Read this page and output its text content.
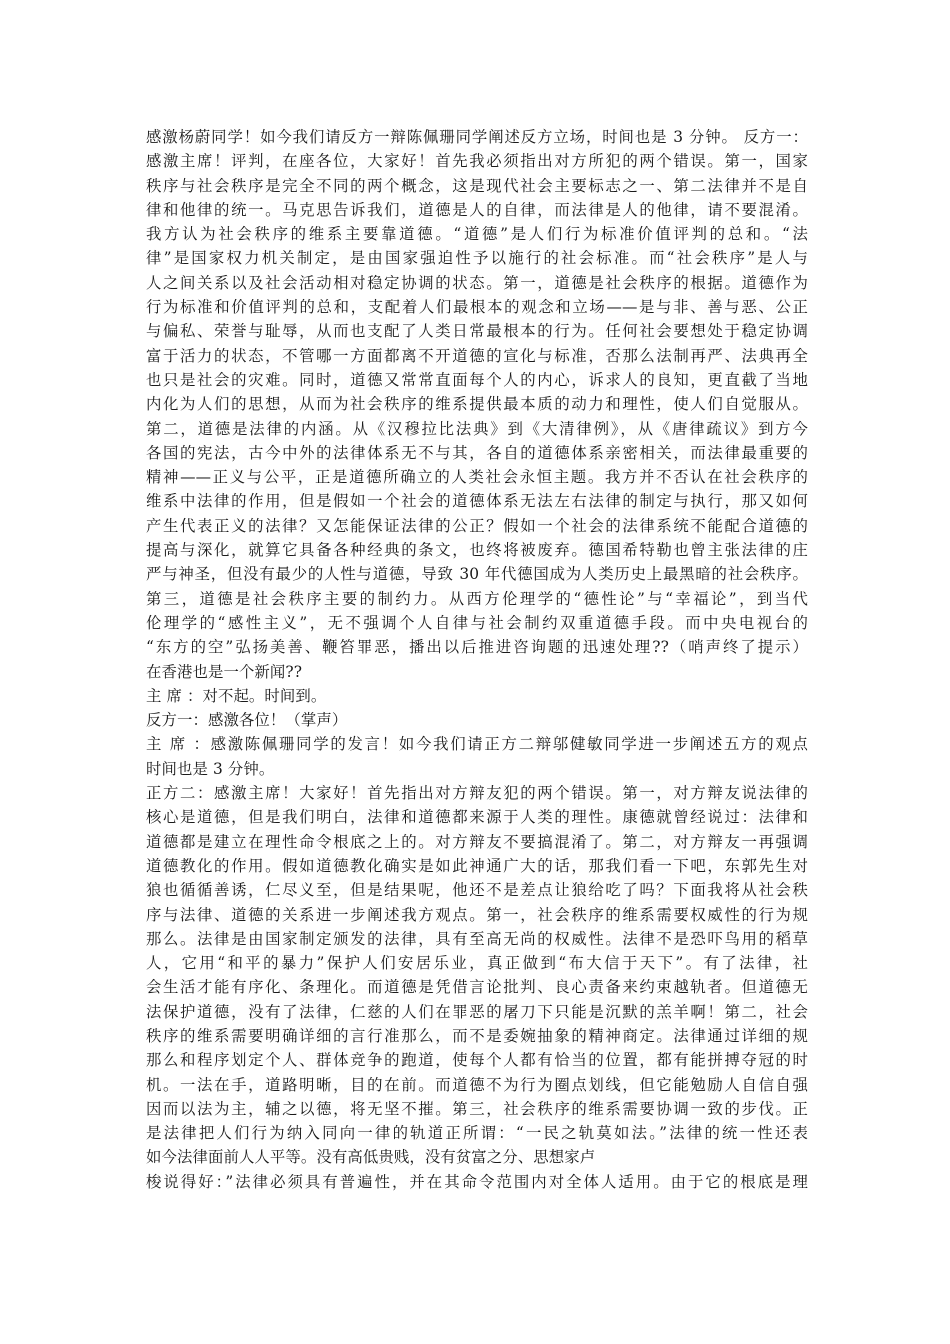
感激杨蔚同学！如今我们请反方一辩陈佩珊同学阐述反方立场，时间也是 3 分钟。 反方一：
感激主席！评判，在座各位，大家好！首先我必须指出对方所犯的两个错误。第一，国家
秩序与社会秩序是完全不同的两个概念，这是现代社会主要标志之一、第二法律并不是自
律和他律的统一。马克思告诉我们，道德是人的自律，而法律是人的他律，请不要混淆。
我方认为社会秩序的维系主要靠道德。“道德”是人们行为标准价值评判的总和。“法
律”是国家权力机关制定，是由国家强迫性予以施行的社会标准。而“社会秩序”是人与
人之间关系以及社会活动相对稳定协调的状态。第一，道德是社会秩序的根据。道德作为
行为标准和价值评判的总和，支配着人们最根本的观念和立场——是与非、善与恶、公正
与偏私、荣誉与耻辱，从而也支配了人类日常最根本的行为。任何社会要想处于稳定协调
富于活力的状态，不管哪一方面都离不开道德的宣化与标准，否那么法制再严、法典再全
也只是社会的灾难。同时，道德又常常直面每个人的内心，诉求人的良知，更直截了当地
内化为人们的思想，从而为社会秩序的维系提供最本质的动力和理性，使人们自觉服从。
第二，道德是法律的内涵。从《汉穆拉比法典》到《大清律例》，从《唐律疏议》到方今
各国的宪法，古今中外的法律体系无不与其，各自的道德体系亲密相关，而法律最重要的
精神——正义与公平，正是道德所确立的人类社会永恒主题。我方并不否认在社会秩序的
维系中法律的作用，但是假如一个社会的道德体系无法左右法律的制定与执行，那又如何
产生代表正义的法律？又怎能保证法律的公正？假如一个社会的法律系统不能配合道德的
提高与深化，就算它具备各种经典的条文，也终将被废弃。德国希特勒也曾主张法律的庄
严与神圣，但没有最少的人性与道德，导致 30 年代德国成为人类历史上最黑暗的社会秩序。
第三，道德是社会秩序主要的制约力。从西方伦理学的“德性论”与“幸福论”，到当代
伦理学的“感性主义”，无不强调个人自律与社会制约双重道德手段。而中央电视台的
“东方的空”弘扬美善、鞭笞罪恶，播出以后推进咨询题的迅速处理??（哨声终了提示）
在香港也是一个新闻??
主 席 ：对不起。时间到。
反方一：感激各位！（掌声）
主 席 ：感激陈佩珊同学的发言！如今我们请正方二辩邬健敏同学进一步阐述五方的观点
时间也是 3 分钟。
正方二：感激主席！大家好！首先指出对方辩友犯的两个错误。第一，对方辩友说法律的
核心是道德，但是我们明白，法律和道德都来源于人类的理性。康德就曾经说过：法律和
道德都是建立在理性命令根底之上的。对方辩友不要搞混淆了。第二，对方辩友一再强调
道德教化的作用。假如道德教化确实是如此神通广大的话，那我们看一下吧，东郭先生对
狼也循循善诱，仁尽义至，但是结果呢，他还不是差点让狼给吃了吗？下面我将从社会秩
序与法律、道德的关系进一步阐述我方观点。第一，社会秩序的维系需要权威性的行为规
那么。法律是由国家制定颁发的法律，具有至高无尚的权威性。法律不是恐吓鸟用的稻草
人，它用“和平的暴力”保护人们安居乐业，真正做到“布大信于天下”。有了法律，社
会生活才能有序化、条理化。而道德是凭借言论批判、良心责备来约束越轨者。但道德无
法保护道德，没有了法律，仁慈的人们在罪恶的屠刀下只能是沉默的羔羊啊！第二，社会
秩序的维系需要明确详细的言行准那么，而不是委婉抽象的精神商定。法律通过详细的规
那么和程序划定个人、群体竞争的跑道，使每个人都有恰当的位置，都有能拼搏夺冠的时
机。一法在手，道路明晰，目的在前。而道德不为行为圈点划线，但它能勉励人自信自强
因而以法为主，辅之以德，将无坚不摧。第三，社会秩序的维系需要协调一致的步伐。正
是法律把人们行为纳入同向一律的轨道正所谓：“一民之轨莫如法。”法律的统一性还表
如今法律面前人人平等。没有高低贵贱，没有贫富之分、思想家卢
梭说得好：”法律必须具有普遍性，并在其命令范围内对全体人适用。由于它的根底是理
